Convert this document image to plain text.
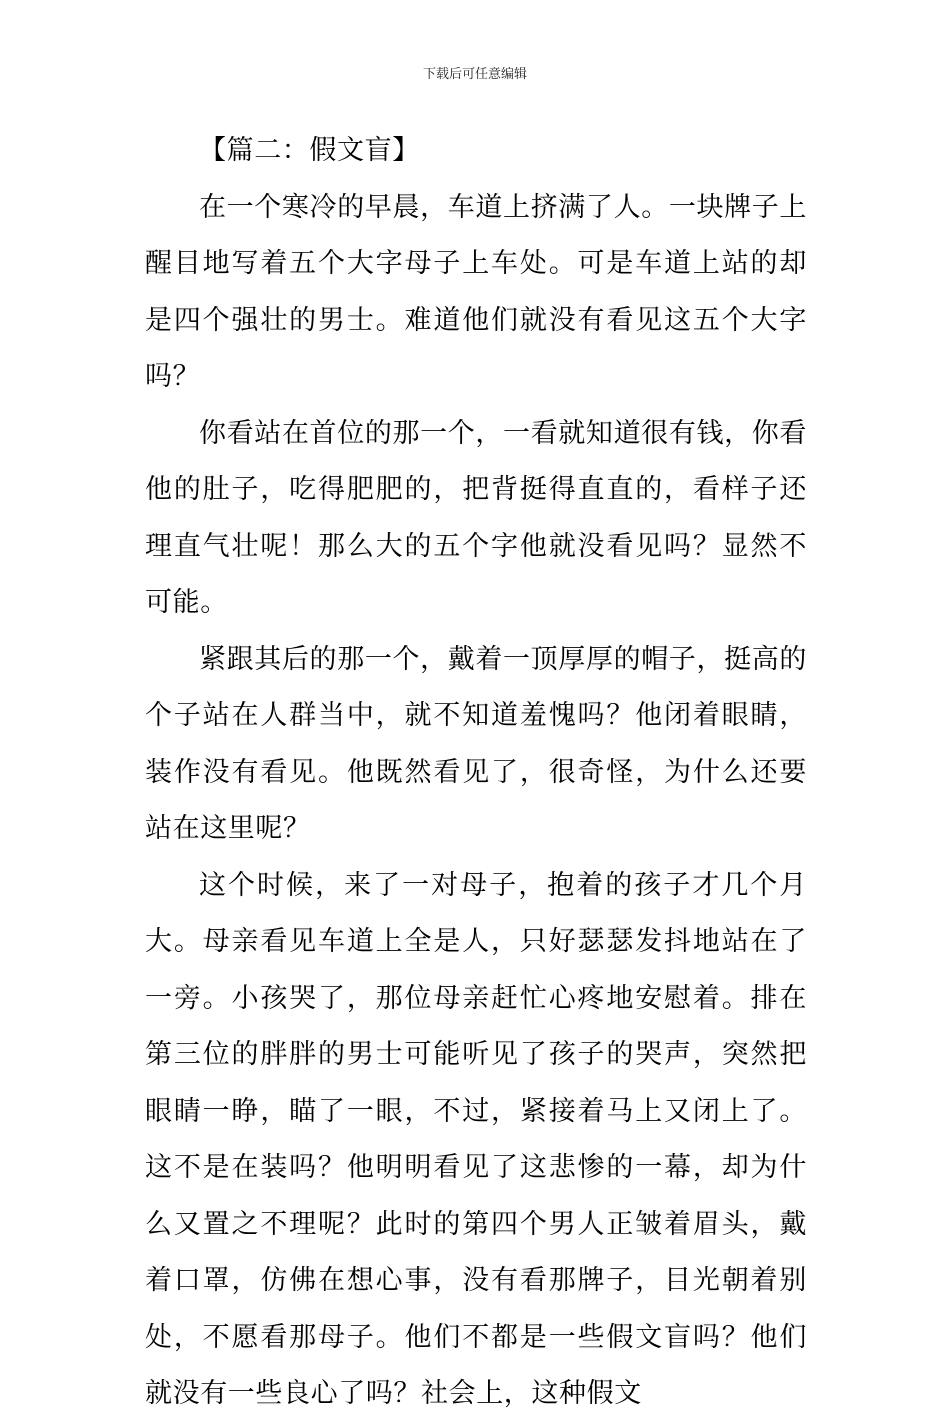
下载后可任意编辑

【篇二：假文盲】

在一个寒冷的早晨，车道上挤满了人。一块牌子上醒目地写着五个大字母子上车处。可是车道上站的却是四个强壮的男士。难道他们就没有看见这五个大字吗？

你看站在首位的那一个，一看就知道很有钱，你看他的肚子，吃得肥肥的，把背挺得直直的，看样子还理直气壮呢！那么大的五个字他就没看见吗？显然不可能。

紧跟其后的那一个，戴着一顶厚厚的帽子，挺高的个子站在人群当中，就不知道羞愧吗？他闭着眼睛，装作没有看见。他既然看见了，很奇怪，为什么还要站在这里呢？

这个时候，来了一对母子，抱着的孩子才几个月大。母亲看见车道上全是人，只好瑟瑟发抖地站在了一旁。小孩哭了，那位母亲赶忙心疼地安慰着。排在第三位的胖胖的男士可能听见了孩子的哭声，突然把眼睛一睁，瞄了一眼，不过，紧接着马上又闭上了。这不是在装吗？他明明看见了这悲惨的一幕，却为什么又置之不理呢？此时的第四个男人正皱着眉头，戴着口罩，仿佛在想心事，没有看那牌子，目光朝着别处，不愿看那母子。他们不都是一些假文盲吗？他们就没有一些良心了吗？社会上，这种假文
